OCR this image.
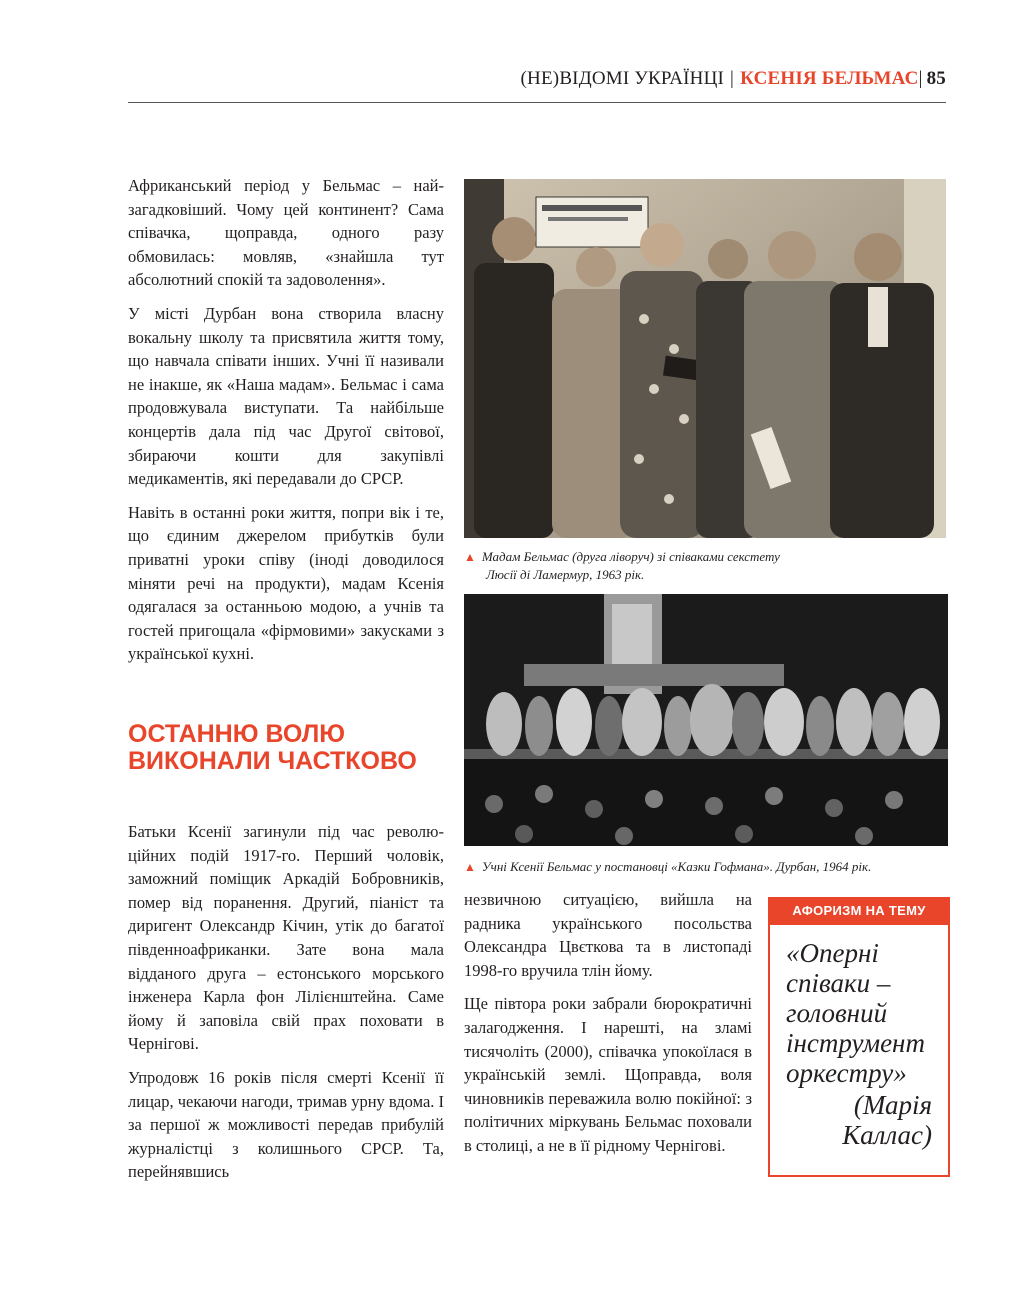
(НЕ)ВІДОМІ УКРАЇНЦІ | КСЕНІЯ БЕЛЬМАС| 85

Африканський період у Бельмас – найзагадковіший. Чому цей континент? Сама співачка, щоправда, одного разу обмовилась: мовляв, «знайшла тут абсолютний спокій та задоволення».

У місті Дурбан вона створила власну вокальну школу та присвятила життя тому, що навчала співати інших. Учні її називали не інакше, як «Наша мадам». Бельмас і сама продовжувала виступати. Та найбільше концертів дала під час Другої світової, збираючи кошти для закупівлі медикаментів, які передавали до СРСР.

Навіть в останні роки життя, попри вік і те, що єдиним джерелом прибутків були приватні уроки співу (іноді доводилося міняти речі на продукти), мадам Ксенія одягалася за останньою модою, а учнів та гостей пригощала «фірмовими» закусками з української кухні.

ОСТАННЮ ВОЛЮ ВИКОНАЛИ ЧАСТКОВО

Батьки Ксенії загинули під час революційних подій 1917-го. Перший чоловік, заможний поміщик Аркадій Бобровників, помер від поранення. Другий, піаніст та диригент Олександр Кічин, утік до багатої південноафриканки. Зате вона мала відданого друга – естонського морського інженера Карла фон Лілієнштейна. Саме йому й заповіла свій прах поховати в Чернігові.

Упродовж 16 років після смерті Ксенії її лицар, чекаючи нагоди, тримав урну вдома. І за першої ж можливості передав прибулій журналістці з колишнього СРСР. Та, перейнявшись

▲ Мадам Бельмас (друга ліворуч) зі співаками секстету
Люсії ді Ламермур, 1963 рік.
▲ Учні Ксенії Бельмас у постановці «Казки Гофмана». Дурбан, 1964 рік.

незвичною ситуацією, вийшла на радника українського посольства Олександра Цвєткова та в листопаді 1998-го вручила тлін йому.

Ще півтора роки забрали бюрократичні залагодження. І нарешті, на зламі тисячоліть (2000), співачка упокоїлася в українській землі. Щоправда, воля чиновників переважила волю покійної: з політичних міркувань Бельмас поховали в столиці, а не в її рідному Чернігові.

АФОРИЗМ НА ТЕМУ
«Оперні співаки – головний інструмент оркестру»
(Марія Каллас)
